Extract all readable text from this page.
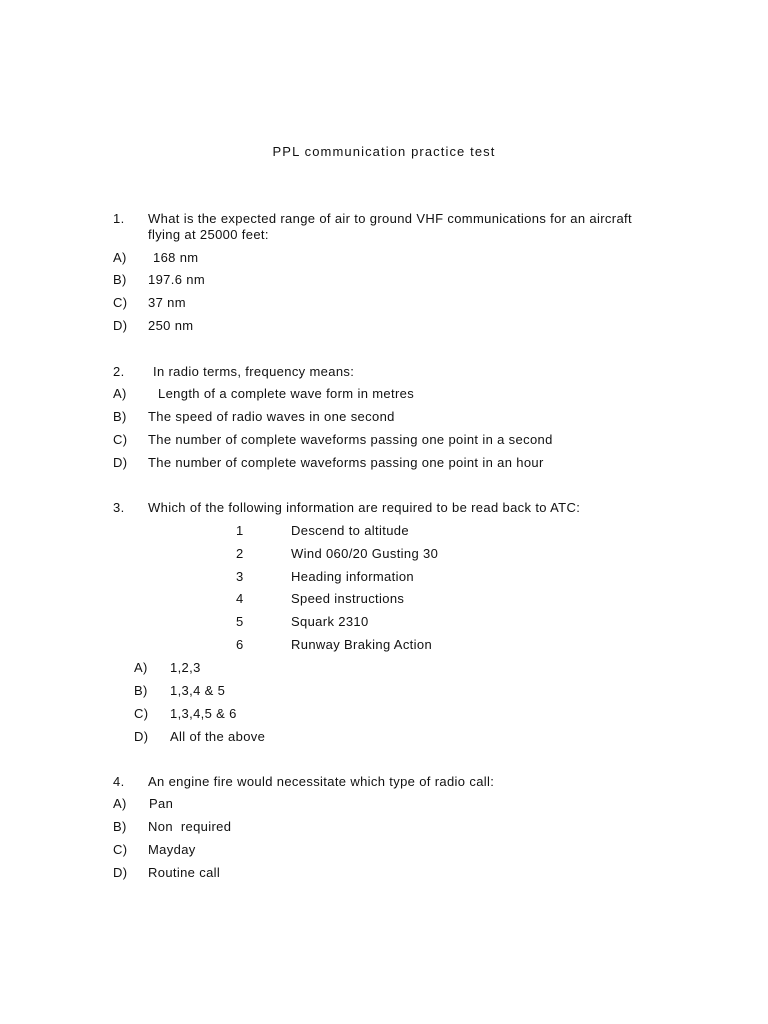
PPL communication practice test
1. What is the expected range of air to ground VHF communications for an aircraft
flying at 25000 feet:
A) 168 nm
B) 197.6 nm
C) 37 nm
D) 250 nm
2. In radio terms, frequency means:
A) Length of a complete wave form in metres
B) The speed of radio waves in one second
C) The number of complete waveforms passing one point in a second
D) The number of complete waveforms passing one point in an hour
3. Which of the following information are required to be read back to ATC:
1	Descend to altitude
2	Wind 060/20 Gusting 30
3	Heading information
4	Speed instructions
5	Squark 2310
6	Runway Braking Action
A) 1,2,3
B) 1,3,4 & 5
C) 1,3,4,5 & 6
D) All of the above
4. An engine fire would necessitate which type of radio call:
A) Pan
B) Non  required
C) Mayday
D) Routine call
